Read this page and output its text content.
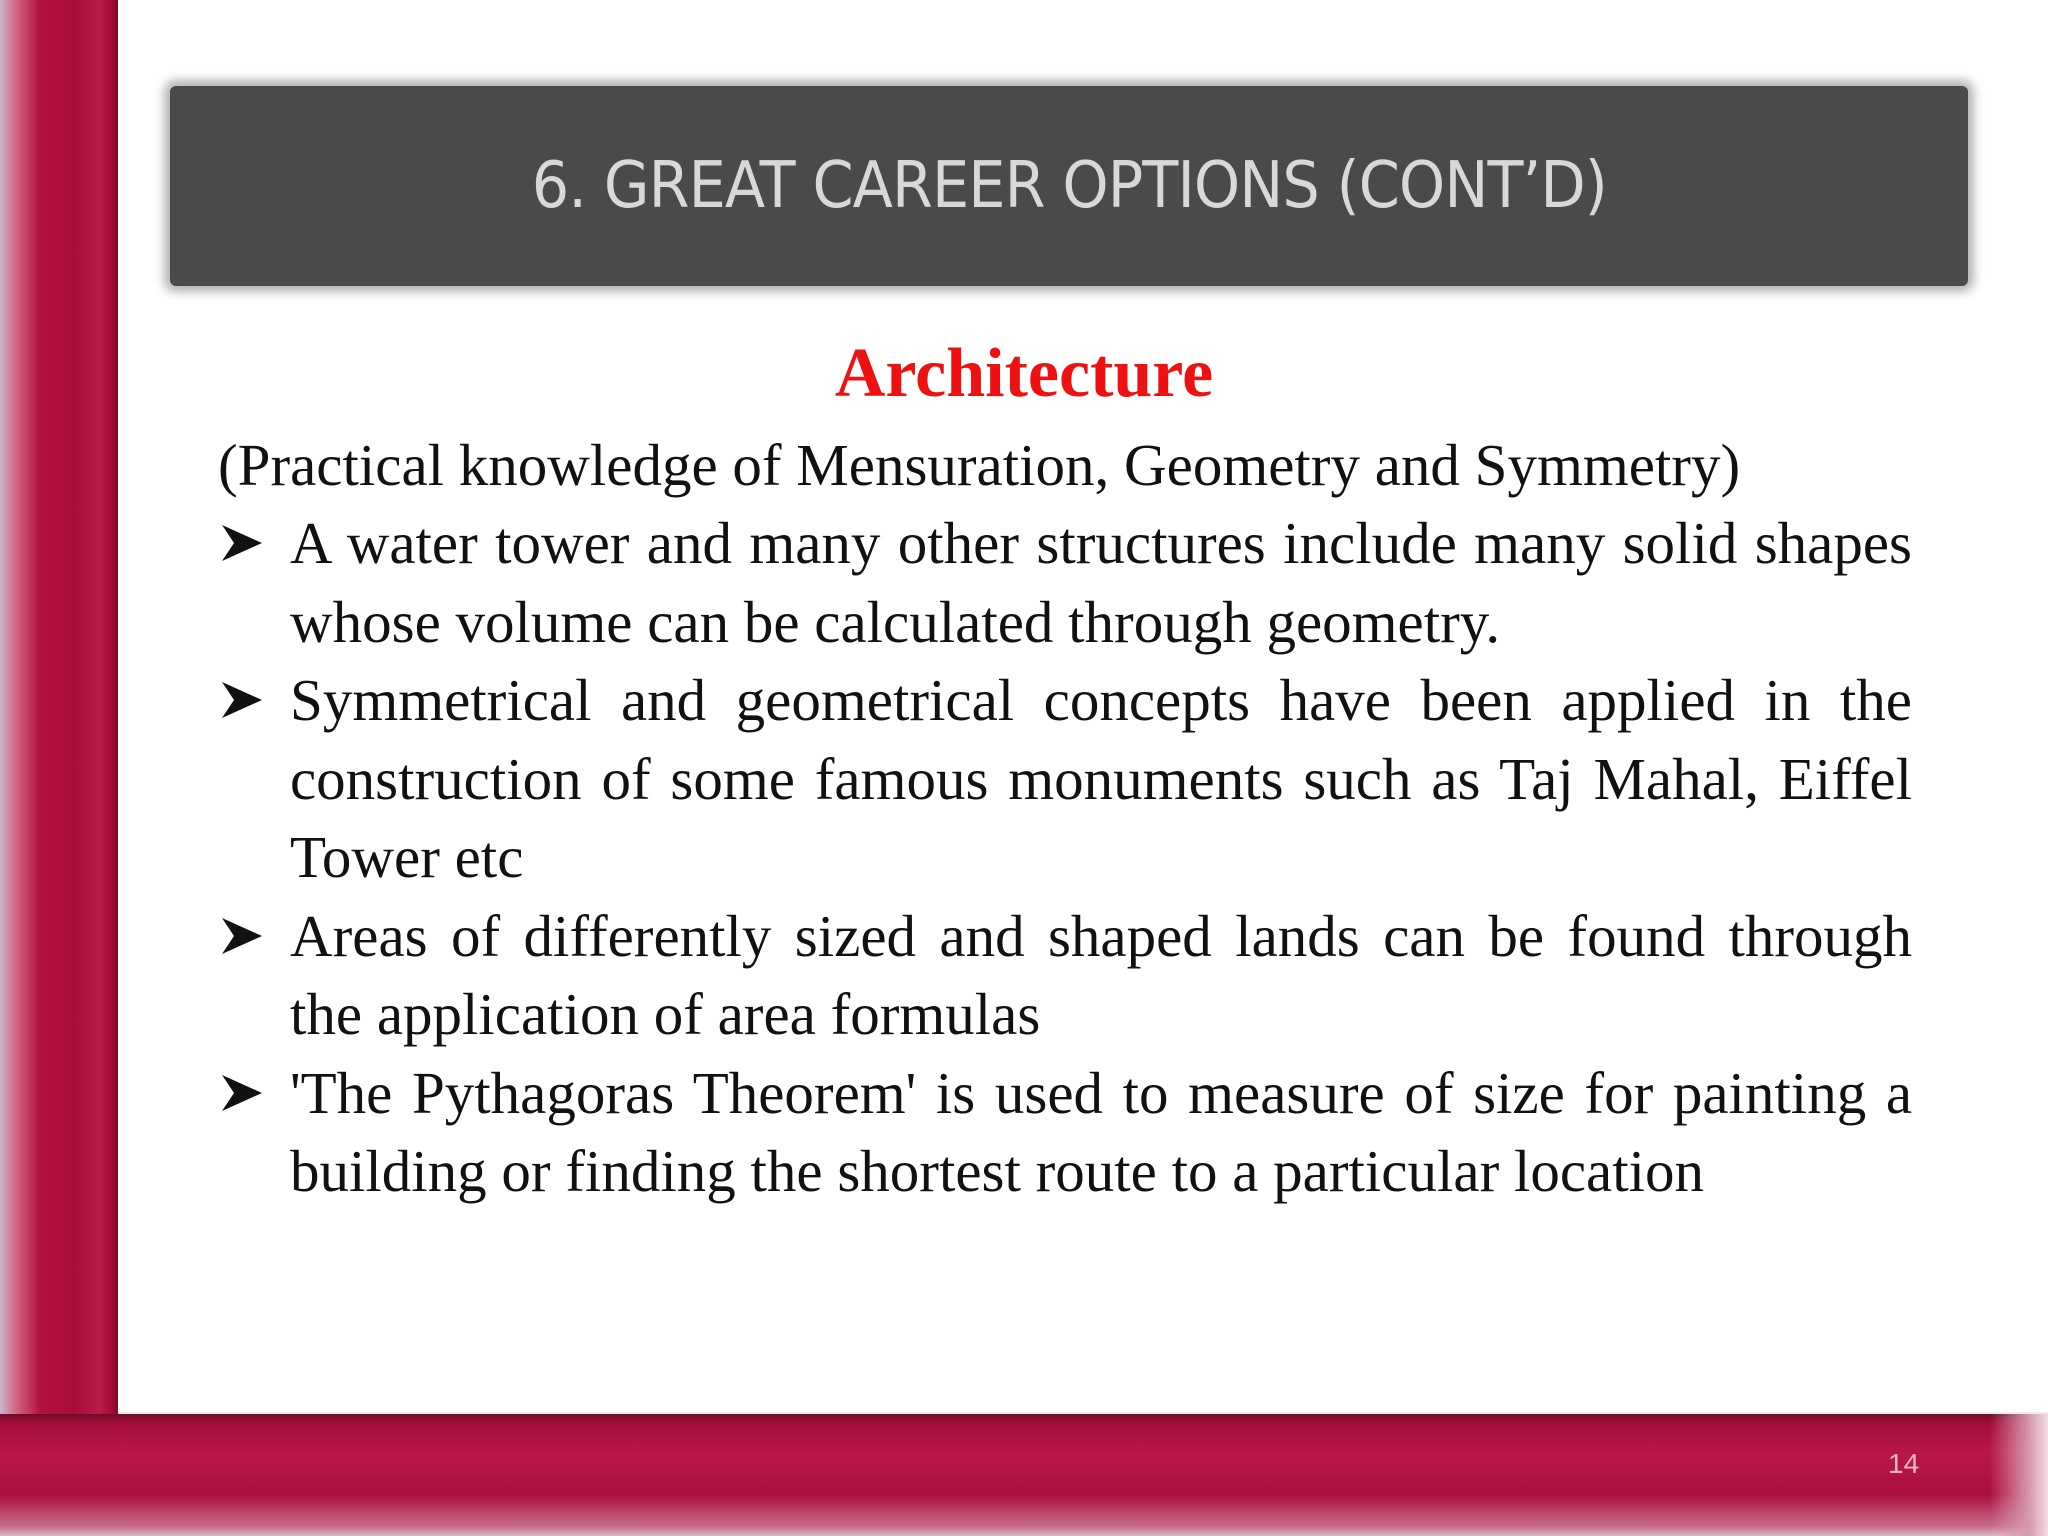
6. GREAT CAREER OPTIONS (CONT’D)
Architecture
(Practical knowledge of Mensuration, Geometry and Symmetry)
A water tower and many other structures include many solid shapes whose volume can be calculated through geometry.
Symmetrical and geometrical concepts have been applied in the construction of some famous monuments such as Taj Mahal, Eiffel Tower etc
Areas of differently sized and shaped lands can be found through the application of area formulas
'The Pythagoras Theorem' is used to measure of size for painting a building or finding the shortest route to a particular location
14
